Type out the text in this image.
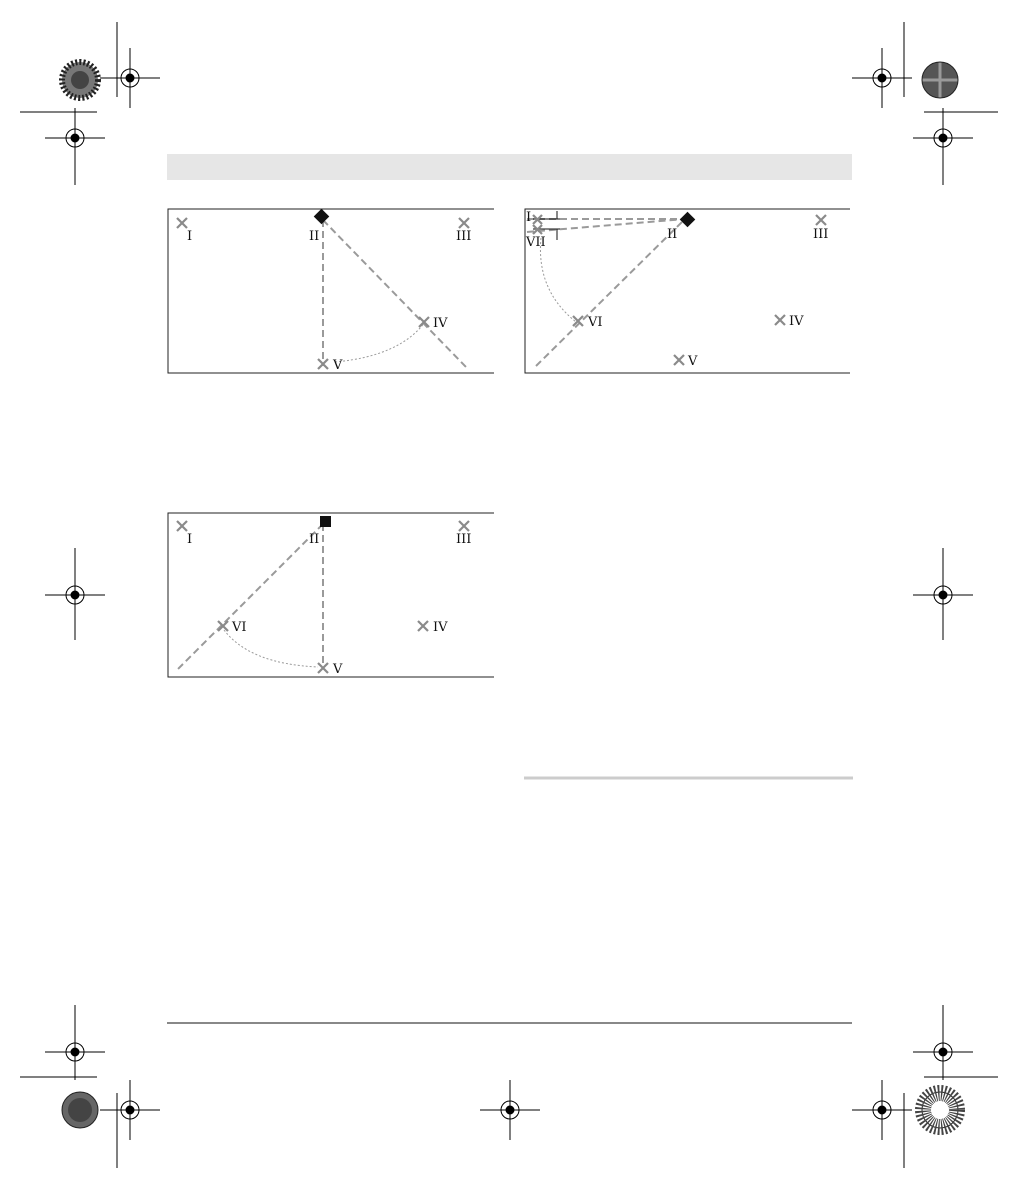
I	II	III
IV
V
I
VII
II	III
VI	IV
V
I	II	III
VI	IV
V
